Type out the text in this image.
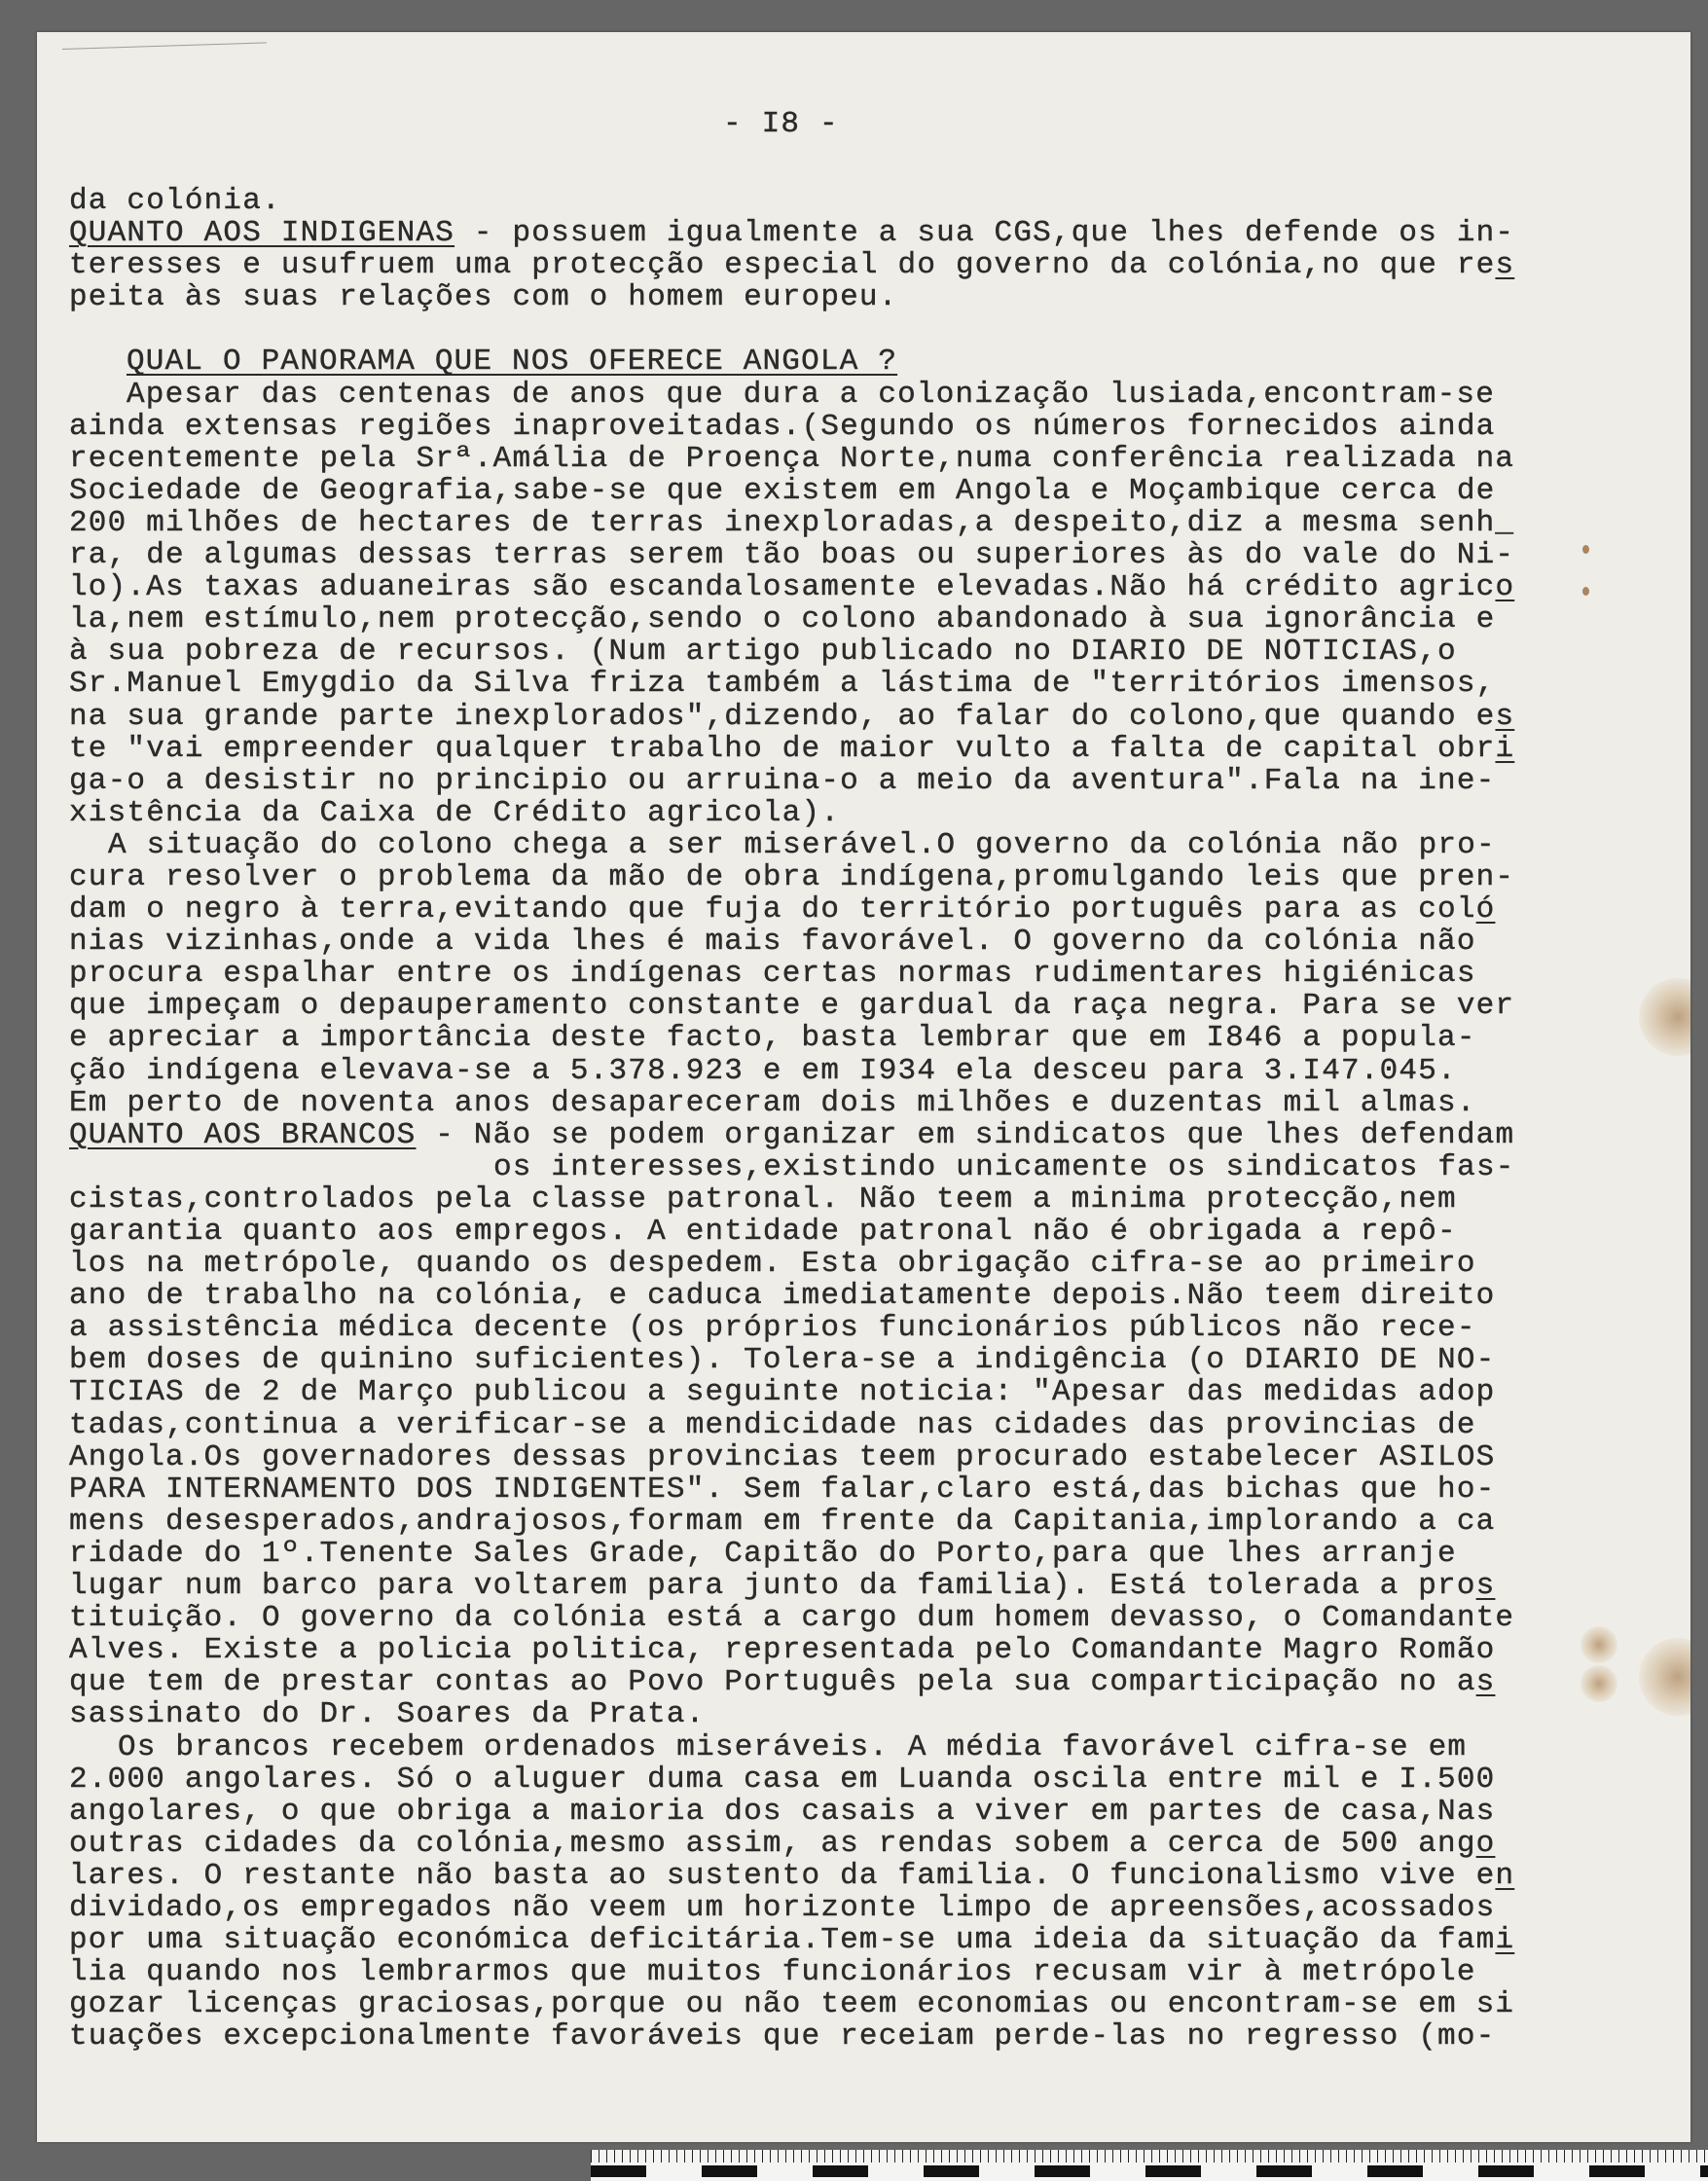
- I8 -
da colónia.
QUANTO AOS INDIGENAS - possuem igualmente a sua CGS,que lhes defende os in-
teresses e usufruem uma protecção especial do governo da colónia,no que res
peita às suas relações com o homem europeu.
QUAL O PANORAMA QUE NOS OFERECE ANGOLA ?
Apesar das centenas de anos que dura a colonização lusiada,encontram-se
ainda extensas regiões inaproveitadas.(Segundo os números fornecidos ainda
recentemente pela Srª.Amália de Proença Norte,numa conferência realizada na
Sociedade de Geografia,sabe-se que existem em Angola e Moçambique cerca de
200 milhões de hectares de terras inexploradas,a despeito,diz a mesma senh_
ra, de algumas dessas terras serem tão boas ou superiores às do vale do Ni-
lo).As taxas aduaneiras são escandalosamente elevadas.Não há crédito agrico
la,nem estímulo,nem protecção,sendo o colono abandonado à sua ignorância e
à sua pobreza de recursos. (Num artigo publicado no DIARIO DE NOTICIAS,o
Sr.Manuel Emygdio da Silva friza também a lástima de "territórios imensos,
na sua grande parte inexplorados",dizendo, ao falar do colono,que quando es
te "vai empreender qualquer trabalho de maior vulto a falta de capital obri
ga-o a desistir no principio ou arruina-o a meio da aventura".Fala na ine-
xistência da Caixa de Crédito agricola).
A situação do colono chega a ser miserável.O governo da colónia não pro-
cura resolver o problema da mão de obra indígena,promulgando leis que pren-
dam o negro à terra,evitando que fuja do território português para as coló
nias vizinhas,onde a vida lhes é mais favorável. O governo da colónia não
procura espalhar entre os indígenas certas normas rudimentares higiénicas
que impeçam o depauperamento constante e gardual da raça negra. Para se ver
e apreciar a importância deste facto, basta lembrar que em I846 a popula-
ção indígena elevava-se a 5.378.923 e em I934 ela desceu para 3.I47.045.
Em perto de noventa anos desapareceram dois milhões e duzentas mil almas.
QUANTO AOS BRANCOS - Não se podem organizar em sindicatos que lhes defendam
os interesses,existindo unicamente os sindicatos fas-
cistas,controlados pela classe patronal. Não teem a minima protecção,nem
garantia quanto aos empregos. A entidade patronal não é obrigada a repô-
los na metrópole, quando os despedem. Esta obrigação cifra-se ao primeiro
ano de trabalho na colónia, e caduca imediatamente depois.Não teem direito
a assistência médica decente (os próprios funcionários públicos não rece-
bem doses de quinino suficientes). Tolera-se a indigência (o DIARIO DE NO-
TICIAS de 2 de Março publicou a seguinte noticia: "Apesar das medidas adop
tadas,continua a verificar-se a mendicidade nas cidades das provincias de
Angola.Os governadores dessas provincias teem procurado estabelecer ASILOS
PARA INTERNAMENTO DOS INDIGENTES". Sem falar,claro está,das bichas que ho-
mens desesperados,andrajosos,formam em frente da Capitania,implorando a ca
ridade do 1º.Tenente Sales Grade, Capitão do Porto,para que lhes arranje
lugar num barco para voltarem para junto da familia). Está tolerada a pros
tituição. O governo da colónia está a cargo dum homem devasso, o Comandante
Alves. Existe a policia politica, representada pelo Comandante Magro Romão
que tem de prestar contas ao Povo Português pela sua comparticipação no as
sassinato do Dr. Soares da Prata.
Os brancos recebem ordenados miseráveis. A média favorável cifra-se em
2.000 angolares. Só o aluguer duma casa em Luanda oscila entre mil e I.500
angolares, o que obriga a maioria dos casais a viver em partes de casa,Nas
outras cidades da colónia,mesmo assim, as rendas sobem a cerca de 500 ango
lares. O restante não basta ao sustento da familia. O funcionalismo vive en
dividado,os empregados não veem um horizonte limpo de apreensões,acossados
por uma situação económica deficitária.Tem-se uma ideia da situação da fami
lia quando nos lembrarmos que muitos funcionários recusam vir à metrópole
gozar licenças graciosas,porque ou não teem economias ou encontram-se em si
tuações excepcionalmente favoráveis que receiam perde-las no regresso (mo-
